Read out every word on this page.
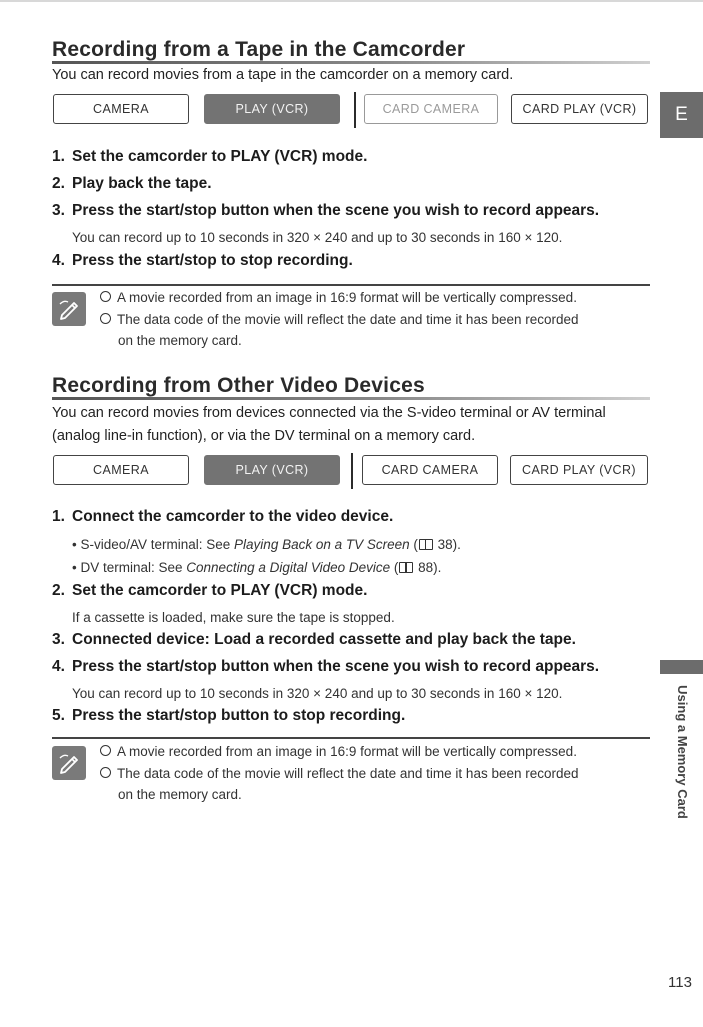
Recording from a Tape in the Camcorder
You can record movies from a tape in the camcorder on a memory card.
CAMERA	PLAY (VCR)	CARD CAMERA	CARD PLAY (VCR)
1. Set the camcorder to PLAY (VCR) mode.
2. Play back the tape.
3. Press the start/stop button when the scene you wish to record appears.
You can record up to 10 seconds in 320 × 240 and up to 30 seconds in 160 × 120.
4. Press the start/stop to stop recording.
A movie recorded from an image in 16:9 format will be vertically compressed.
The data code of the movie will reflect the date and time it has been recorded
on the memory card.
Recording from Other Video Devices
You can record movies from devices connected via the S-video terminal or AV terminal
(analog line-in function), or via the DV terminal on a memory card.
CAMERA	PLAY (VCR)	CARD CAMERA	CARD PLAY (VCR)
1. Connect the camcorder to the video device.
• S-video/AV terminal: See Playing Back on a TV Screen ( 38).
• DV terminal: See Connecting a Digital Video Device ( 88).
2. Set the camcorder to PLAY (VCR) mode.
If a cassette is loaded, make sure the tape is stopped.
3. Connected device: Load a recorded cassette and play back the tape.
4. Press the start/stop button when the scene you wish to record appears.
You can record up to 10 seconds in 320 × 240 and up to 30 seconds in 160 × 120.
5. Press the start/stop button to stop recording.
A movie recorded from an image in 16:9 format will be vertically compressed.
The data code of the movie will reflect the date and time it has been recorded
on the memory card.
E
Using a Memory Card
113
